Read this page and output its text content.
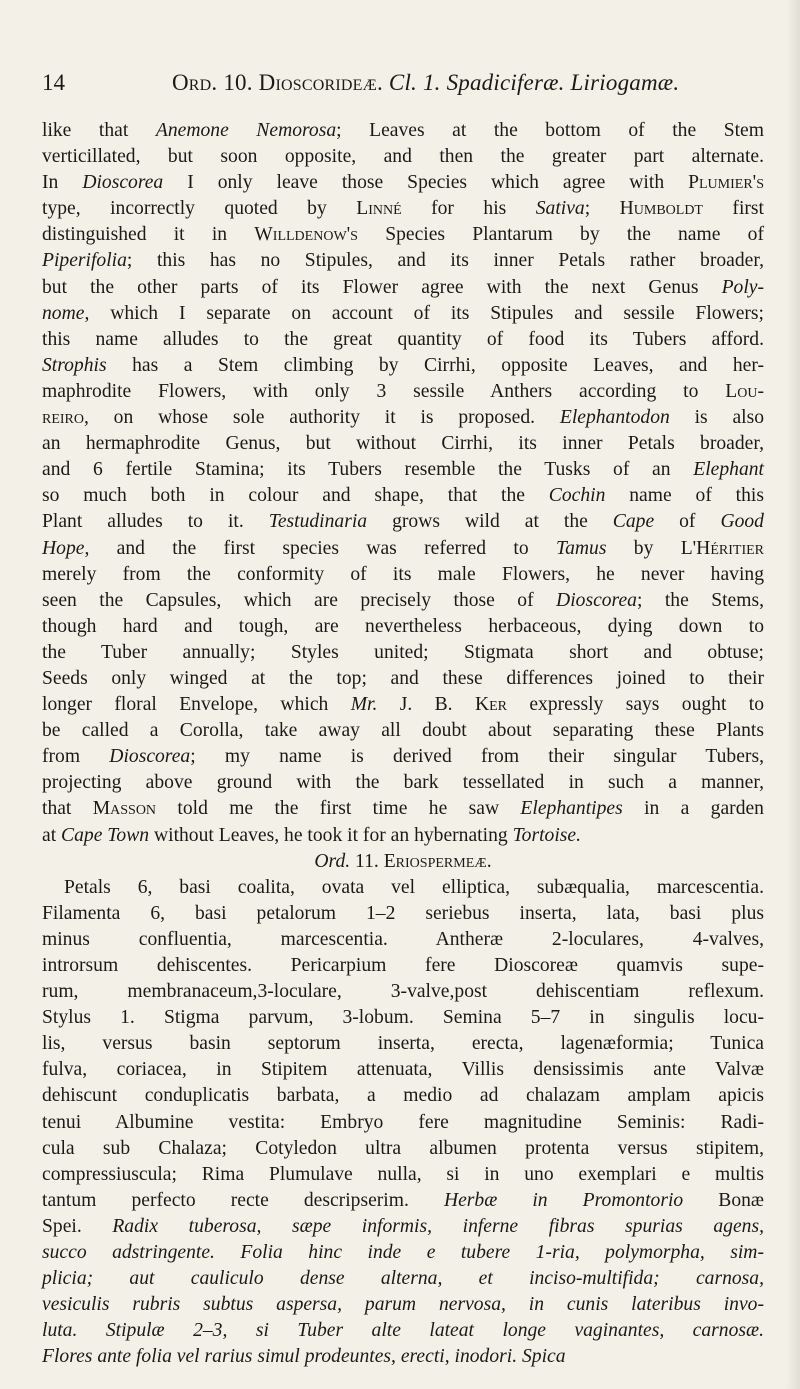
14	Ord. 10. Dioscorideæ. Cl. 1. Spadiciferæ. Liriogamæ.
like that Anemone Nemorosa; Leaves at the bottom of the Stem
verticillated, but soon opposite, and then the greater part alternate.
In Dioscorea I only leave those Species which agree with Plumier's
type, incorrectly quoted by Linné for his Sativa; Humboldt first
distinguished it in Willdenow's Species Plantarum by the name of
Piperifolia; this has no Stipules, and its inner Petals rather broader,
but the other parts of its Flower agree with the next Genus Poly-
nome, which I separate on account of its Stipules and sessile Flowers;
this name alludes to the great quantity of food its Tubers afford.
Strophis has a Stem climbing by Cirrhi, opposite Leaves, and her-
maphrodite Flowers, with only 3 sessile Anthers according to Lou-
reiro, on whose sole authority it is proposed. Elephantodon is also
an hermaphrodite Genus, but without Cirrhi, its inner Petals broader,
and 6 fertile Stamina; its Tubers resemble the Tusks of an Elephant
so much both in colour and shape, that the Cochin name of this
Plant alludes to it. Testudinaria grows wild at the Cape of Good
Hope, and the first species was referred to Tamus by L'Héritier
merely from the conformity of its male Flowers, he never having
seen the Capsules, which are precisely those of Dioscorea; the Stems,
though hard and tough, are nevertheless herbaceous, dying down to
the Tuber annually; Styles united; Stigmata short and obtuse;
Seeds only winged at the top; and these differences joined to their
longer floral Envelope, which Mr. J. B. Ker expressly says ought to
be called a Corolla, take away all doubt about separating these Plants
from Dioscorea; my name is derived from their singular Tubers,
projecting above ground with the bark tessellated in such a manner,
that Masson told me the first time he saw Elephantipes in a garden
at Cape Town without Leaves, he took it for an hybernating Tortoise.
Ord. 11. Eriospermeæ.
Petals 6, basi coalita, ovata vel elliptica, subæqualia, marcescentia.
Filamenta 6, basi petalorum 1–2 seriebus inserta, lata, basi plus
minus confluentia, marcescentia. Antheræ 2-loculares, 4-valves,
introrsum dehiscentes. Pericarpium fere Dioscoreæ quamvis supe-
rum, membranaceum,3-loculare, 3-valve,post dehiscentiam reflexum.
Stylus 1. Stigma parvum, 3-lobum. Semina 5–7 in singulis locu-
lis, versus basin septorum inserta, erecta, lagenæformia; Tunica
fulva, coriacea, in Stipitem attenuata, Villis densissimis ante Valvæ
dehiscunt conduplicatis barbata, a medio ad chalazam amplam apicis
tenui Albumine vestita: Embryo fere magnitudine Seminis: Radi-
cula sub Chalaza; Cotyledon ultra albumen protenta versus stipitem,
compressiuscula; Rima Plumulave nulla, si in uno exemplari e multis
tantum perfecto recte descripserim. Herbæ in Promontorio Bonæ
Spei. Radix tuberosa, sæpe informis, inferne fibras spurias agens,
succo adstringente. Folia hinc inde e tubere 1-ria, polymorpha, sim-
plicia; aut cauliculo dense alterna, et inciso-multifida; carnosa,
vesiculis rubris subtus aspersa, parum nervosa, in cunis lateribus invo-
luta. Stipulæ 2–3, si Tuber alte lateat longe vaginantes, carnosæ.
Flores ante folia vel rarius simul prodeuntes, erecti, inodori. Spica
